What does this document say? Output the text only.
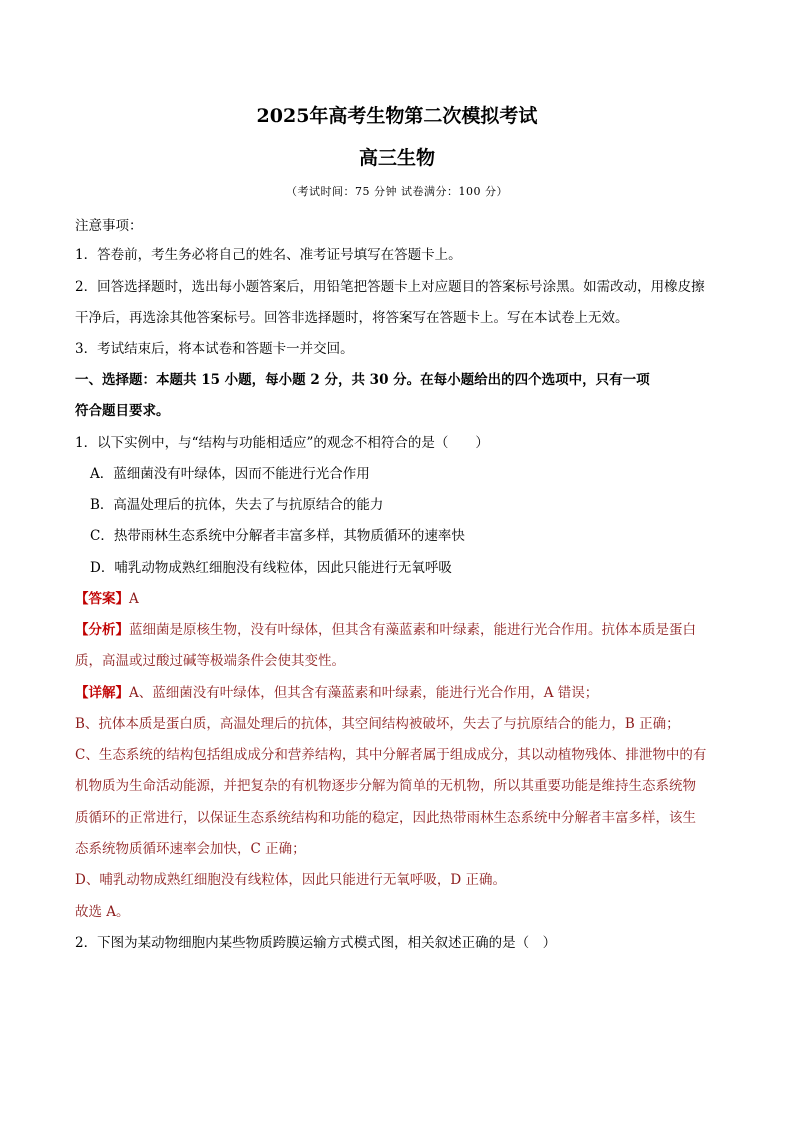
2025年高考生物第二次模拟考试
高三生物
（考试时间：75 分钟 试卷满分：100 分）
注意事项：
1．答卷前，考生务必将自己的姓名、准考证号填写在答题卡上。
2．回答选择题时，选出每小题答案后，用铅笔把答题卡上对应题目的答案标号涂黑。如需改动，用橡皮擦
干净后，再选涂其他答案标号。回答非选择题时，将答案写在答题卡上。写在本试卷上无效。
3．考试结束后，将本试卷和答题卡一并交回。
一、选择题：本题共 15 小题，每小题 2 分，共 30 分。在每小题给出的四个选项中，只有一项
符合题目要求。
1．以下实例中，与“结构与功能相适应”的观念不相符合的是（　　）
A．蓝细菌没有叶绿体，因而不能进行光合作用
B．高温处理后的抗体，失去了与抗原结合的能力
C．热带雨林生态系统中分解者丰富多样，其物质循环的速率快
D．哺乳动物成熟红细胞没有线粒体，因此只能进行无氧呼吸
【答案】A
【分析】蓝细菌是原核生物，没有叶绿体，但其含有藻蓝素和叶绿素，能进行光合作用。抗体本质是蛋白
质，高温或过酸过碱等极端条件会使其变性。
【详解】A、蓝细菌没有叶绿体，但其含有藻蓝素和叶绿素，能进行光合作用，A 错误；
B、抗体本质是蛋白质，高温处理后的抗体，其空间结构被破坏，失去了与抗原结合的能力，B 正确；
C、生态系统的结构包括组成成分和营养结构，其中分解者属于组成成分，其以动植物残体、排泄物中的有
机物质为生命活动能源，并把复杂的有机物逐步分解为简单的无机物，所以其重要功能是维持生态系统物
质循环的正常进行，以保证生态系统结构和功能的稳定，因此热带雨林生态系统中分解者丰富多样，该生
态系统物质循环速率会加快，C 正确；
D、哺乳动物成熟红细胞没有线粒体，因此只能进行无氧呼吸，D 正确。
故选 A。
2．下图为某动物细胞内某些物质跨膜运输方式模式图，相关叙述正确的是（　）
